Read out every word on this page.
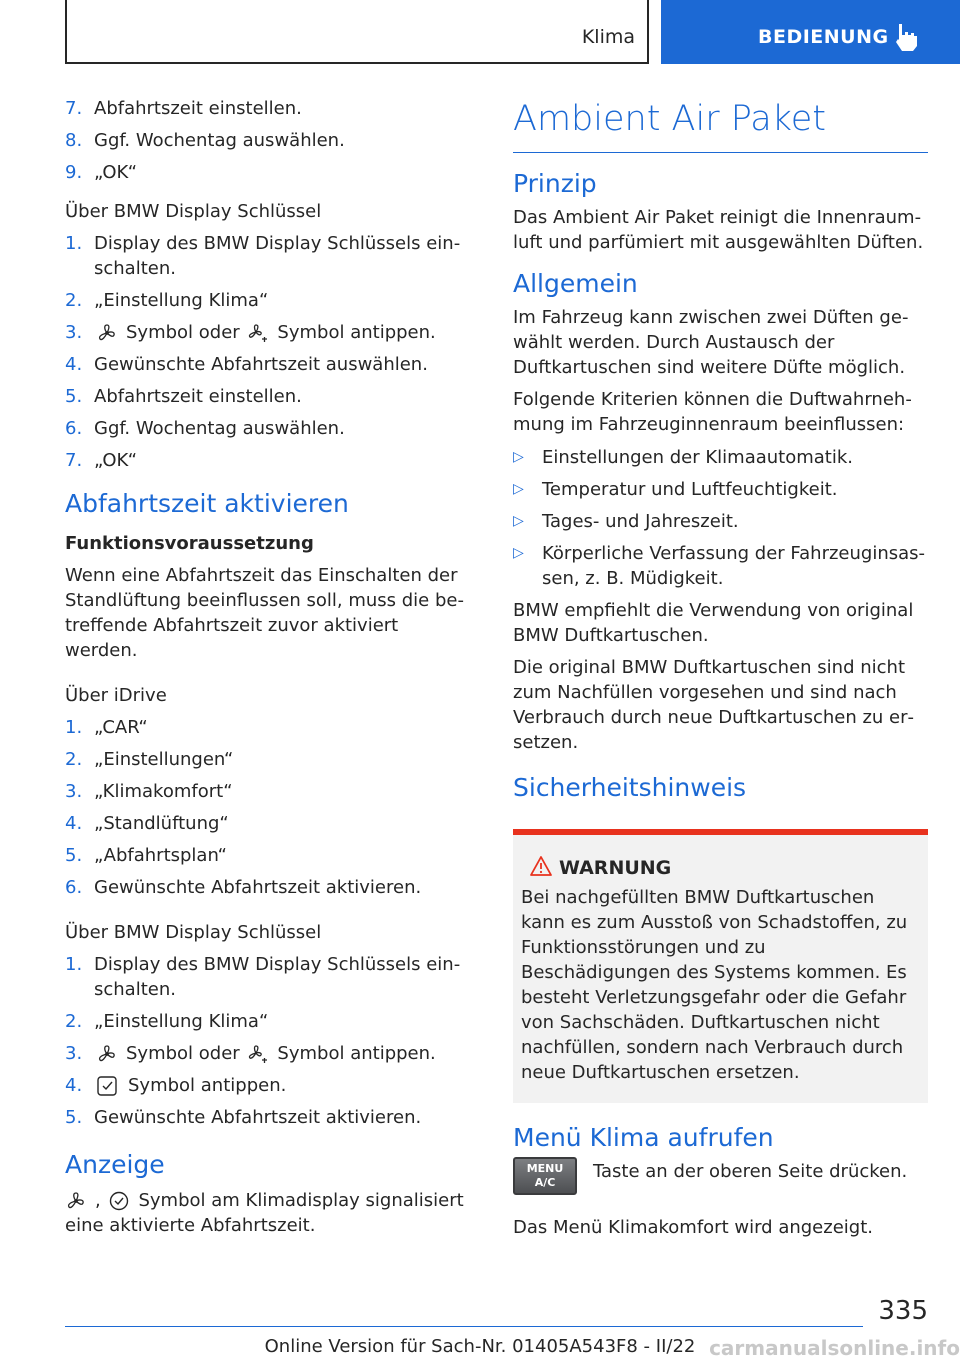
Klima	BEDIENUNG
7. Abfahrtszeit einstellen.
8. Ggf. Wochentag auswählen.
9. „OK“
Über BMW Display Schlüssel
1. Display des BMW Display Schlüssels einschalten.
2. „Einstellung Klima“
3. Symbol oder Symbol antippen.
4. Gewünschte Abfahrtszeit auswählen.
5. Abfahrtszeit einstellen.
6. Ggf. Wochentag auswählen.
7. „OK“
Abfahrtszeit aktivieren
Funktionsvoraussetzung
Wenn eine Abfahrtszeit das Einschalten der Standlüftung beeinflussen soll, muss die betreffende Abfahrtszeit zuvor aktiviert werden.
Über iDrive
1. „CAR“
2. „Einstellungen“
3. „Klimakomfort“
4. „Standlüftung“
5. „Abfahrtsplan“
6. Gewünschte Abfahrtszeit aktivieren.
Über BMW Display Schlüssel
1. Display des BMW Display Schlüssels einschalten.
2. „Einstellung Klima“
3. Symbol oder Symbol antippen.
4.	Symbol antippen.
5. Gewünschte Abfahrtszeit aktivieren.
Anzeige
, Symbol am Klimadisplay signalisiert eine aktivierte Abfahrtszeit.
Ambient Air Paket
Prinzip
Das Ambient Air Paket reinigt die Innenraumluft und parfümiert mit ausgewählten Düften.
Allgemein
Im Fahrzeug kann zwischen zwei Düften gewählt werden. Durch Austausch der Duftkartuschen sind weitere Düfte möglich.
Folgende Kriterien können die Duftwahrnehmung im Fahrzeuginnenraum beeinflussen:
▷ Einstellungen der Klimaautomatik.
▷ Temperatur und Luftfeuchtigkeit.
▷ Tages- und Jahreszeit.
▷ Körperliche Verfassung der Fahrzeuginsassen, z. B. Müdigkeit.
BMW empfiehlt die Verwendung von original BMW Duftkartuschen.
Die original BMW Duftkartuschen sind nicht zum Nachfüllen vorgesehen und sind nach Verbrauch durch neue Duftkartuschen zu ersetzen.
Sicherheitshinweis
WARNUNG

Bei nachgefüllten BMW Duftkartuschen kann es zum Ausstoß von Schadstoffen, zu Funktionsstörungen und zu Beschädigungen des Systems kommen. Es besteht Verletzungsgefahr oder die Gefahr von Sachschäden. Duftkartuschen nicht nachfüllen, sondern nach Verbrauch durch neue Duftkartuschen ersetzen.

Menü Klima aufrufen
MENU
A/C
Taste an der oberen Seite drücken.
Das Menü Klimakomfort wird angezeigt.
335
Online Version für Sach-Nr. 01405A543F8 - II/22 carmanualsonline.info
